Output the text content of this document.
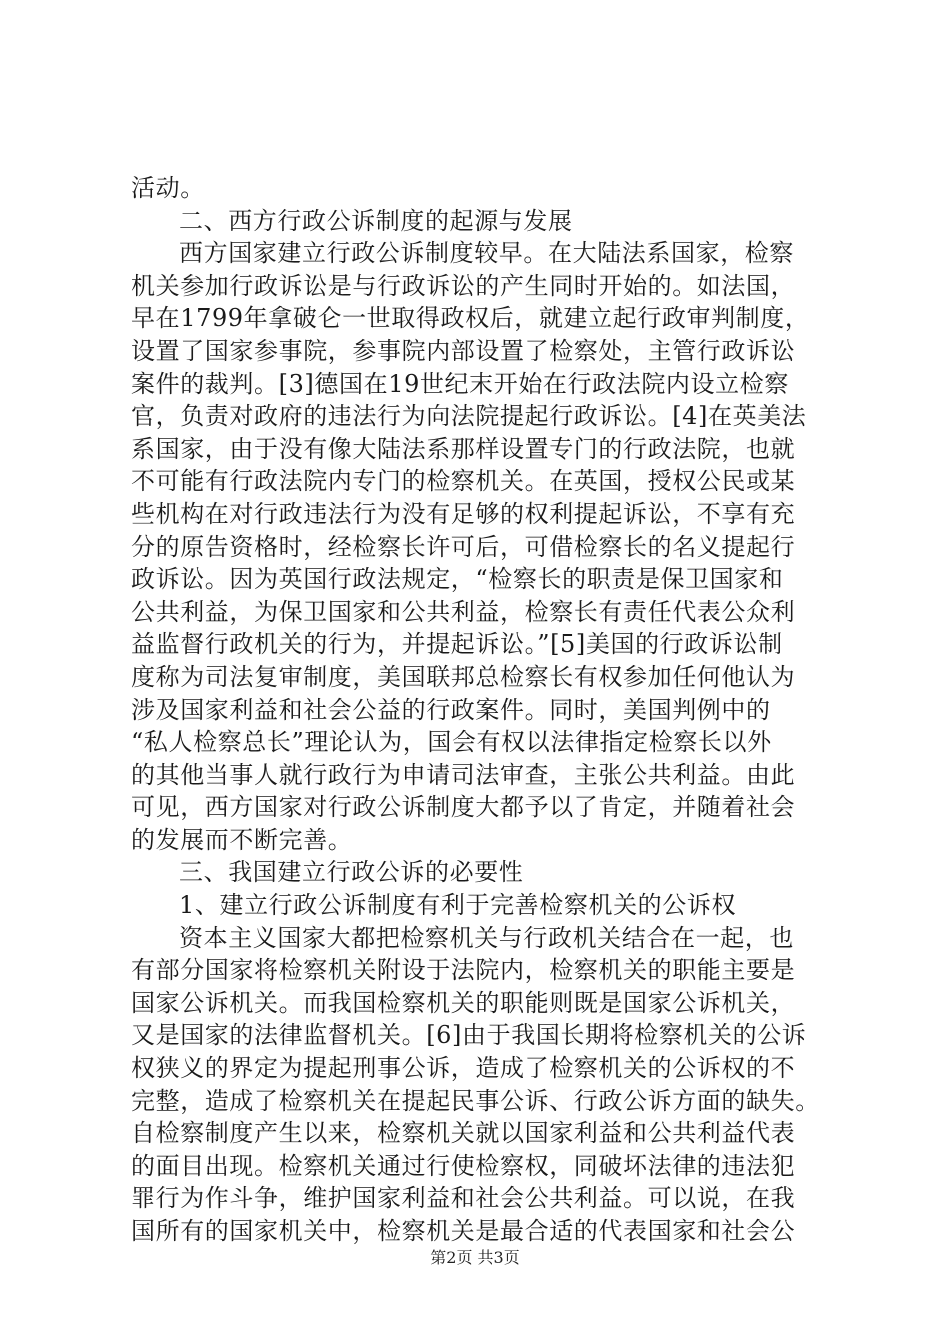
活动。
二、西方行政公诉制度的起源与发展
西方国家建立行政公诉制度较早。在大陆法系国家，检察
机关参加行政诉讼是与行政诉讼的产生同时开始的。如法国，
早在1799年拿破仑一世取得政权后，就建立起行政审判制度，
设置了国家参事院，参事院内部设置了检察处，主管行政诉讼
案件的裁判。[3]德国在19世纪末开始在行政法院内设立检察
官，负责对政府的违法行为向法院提起行政诉讼。[4]在英美法
系国家，由于没有像大陆法系那样设置专门的行政法院，也就
不可能有行政法院内专门的检察机关。在英国，授权公民或某
些机构在对行政违法行为没有足够的权利提起诉讼，不享有充
分的原告资格时，经检察长许可后，可借检察长的名义提起行
政诉讼。因为英国行政法规定，“检察长的职责是保卫国家和
公共利益，为保卫国家和公共利益，检察长有责任代表公众利
益监督行政机关的行为，并提起诉讼。”[5]美国的行政诉讼制
度称为司法复审制度，美国联邦总检察长有权参加任何他认为
涉及国家利益和社会公益的行政案件。同时，美国判例中的
“私人检察总长”理论认为，国会有权以法律指定检察长以外
的其他当事人就行政行为申请司法审查，主张公共利益。由此
可见，西方国家对行政公诉制度大都予以了肯定，并随着社会
的发展而不断完善。
三、我国建立行政公诉的必要性
1、建立行政公诉制度有利于完善检察机关的公诉权
资本主义国家大都把检察机关与行政机关结合在一起，也
有部分国家将检察机关附设于法院内，检察机关的职能主要是
国家公诉机关。而我国检察机关的职能则既是国家公诉机关，
又是国家的法律监督机关。[6]由于我国长期将检察机关的公诉
权狭义的界定为提起刑事公诉，造成了检察机关的公诉权的不
完整，造成了检察机关在提起民事公诉、行政公诉方面的缺失。
自检察制度产生以来，检察机关就以国家利益和公共利益代表
的面目出现。检察机关通过行使检察权，同破坏法律的违法犯
罪行为作斗争，维护国家利益和社会公共利益。可以说，在我
国所有的国家机关中，检察机关是最合适的代表国家和社会公
第2页 共3页
